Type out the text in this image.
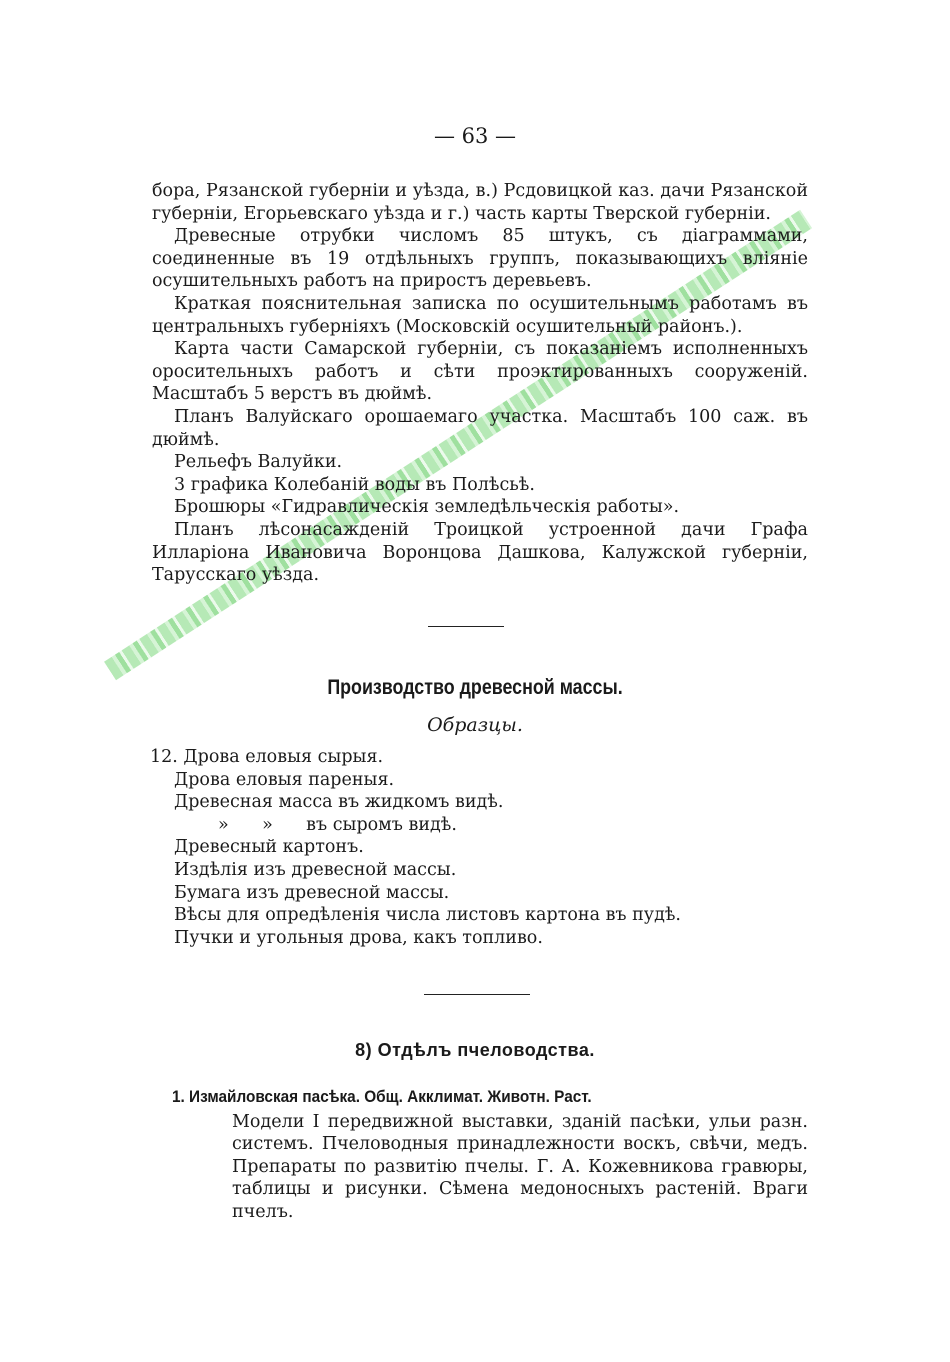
— 63 —

бора, Рязанской губерніи и уѣзда, в.) Рсдовицкой каз. дачи Рязанской губерніи, Егорьевскаго уѣзда и г.) часть карты Тверской губерніи.

Древесные отрубки числомъ 85 штукъ, съ діаграммами, соединенные въ 19 отдѣльныхъ группъ, показывающихъ вліяніе осушительныхъ работъ на приростъ деревьевъ.

Краткая пояснительная записка по осушительнымъ работамъ въ центральныхъ губерніяхъ (Московскій осушительный районъ.).

Карта части Самарской губерніи, съ показаніемъ исполненныхъ оросительныхъ работъ и сѣти проэктированныхъ сооруженій. Масштабъ 5 верстъ въ дюймѣ.

Планъ Валуйскаго орошаемаго участка. Масштабъ 100 саж. въ дюймѣ.

Рельефъ Валуйки.

3 графика Колебаній воды въ Полѣсьѣ.

Брошюры «Гидравлическія земледѣльческія работы».

Планъ лѣсонасажденій Троицкой устроенной дачи Графа Илларіона Ивановича Воронцова Дашкова, Калужской губерніи, Тарусскаго уѣзда.

Производство древесной массы.
Образцы.
12. Дрова еловыя сырыя.
Дрова еловыя пареныя.
Древесная масса въ жидкомъ видѣ.
»      »      въ сыромъ видѣ.
Древесный картонъ.
Издѣлія изъ древесной массы.
Бумага изъ древесной массы.
Вѣсы для опредѣленія числа листовъ картона въ пудѣ.
Пучки и угольныя дрова, какъ топливо.
8) Отдѣлъ пчеловодства.
1. Измайловская пасѣка. Общ. Акклимат. Животн. Раст.

Модели I передвижной выставки, зданій пасѣки, ульи разн. системъ. Пчеловодныя принадлежности воскъ, свѣчи, медъ. Препараты по развитію пчелы. Г. А. Кожевникова гравюры, таблицы и рисунки. Сѣмена медоносныхъ растеній. Враги пчелъ.
